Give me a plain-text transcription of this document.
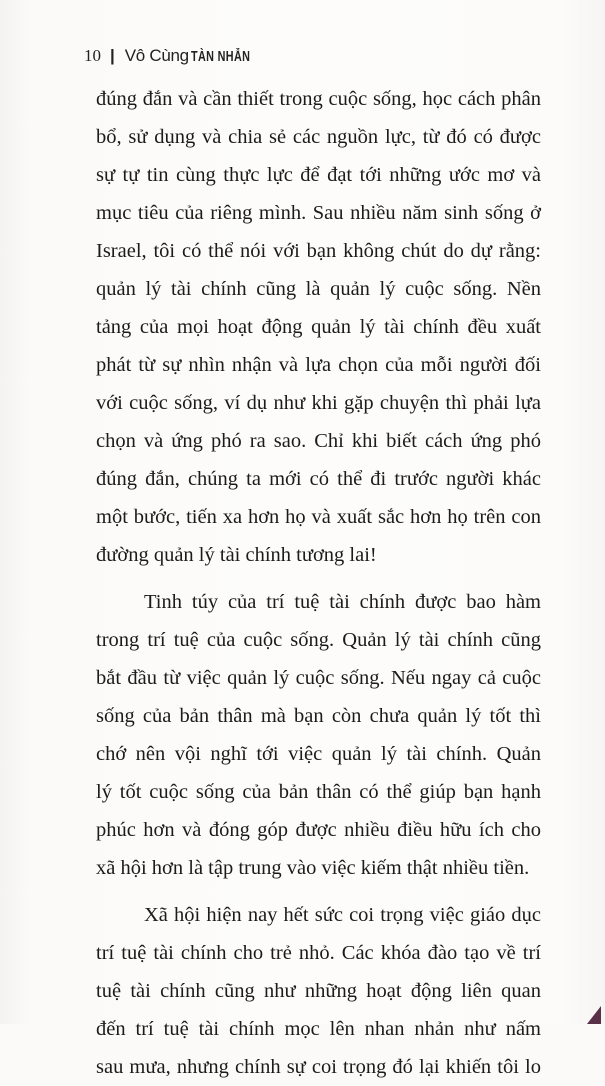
10 | Vô Cùng TÀN NHẪN
đúng đắn và cần thiết trong cuộc sống, học cách phân
bổ, sử dụng và chia sẻ các nguồn lực, từ đó có được
sự tự tin cùng thực lực để đạt tới những ước mơ và
mục tiêu của riêng mình. Sau nhiều năm sinh sống ở
Israel, tôi có thể nói với bạn không chút do dự rằng:
quản lý tài chính cũng là quản lý cuộc sống. Nền
tảng của mọi hoạt động quản lý tài chính đều xuất
phát từ sự nhìn nhận và lựa chọn của mỗi người đối
với cuộc sống, ví dụ như khi gặp chuyện thì phải lựa
chọn và ứng phó ra sao. Chỉ khi biết cách ứng phó
đúng đắn, chúng ta mới có thể đi trước người khác
một bước, tiến xa hơn họ và xuất sắc hơn họ trên con
đường quản lý tài chính tương lai!
Tinh túy của trí tuệ tài chính được bao hàm
trong trí tuệ của cuộc sống. Quản lý tài chính cũng
bắt đầu từ việc quản lý cuộc sống. Nếu ngay cả cuộc
sống của bản thân mà bạn còn chưa quản lý tốt thì
chớ nên vội nghĩ tới việc quản lý tài chính. Quản
lý tốt cuộc sống của bản thân có thể giúp bạn hạnh
phúc hơn và đóng góp được nhiều điều hữu ích cho
xã hội hơn là tập trung vào việc kiếm thật nhiều tiền.
Xã hội hiện nay hết sức coi trọng việc giáo dục
trí tuệ tài chính cho trẻ nhỏ. Các khóa đào tạo về trí
tuệ tài chính cũng như những hoạt động liên quan
đến trí tuệ tài chính mọc lên nhan nhản như nấm
sau mưa, nhưng chính sự coi trọng đó lại khiến tôi lo
